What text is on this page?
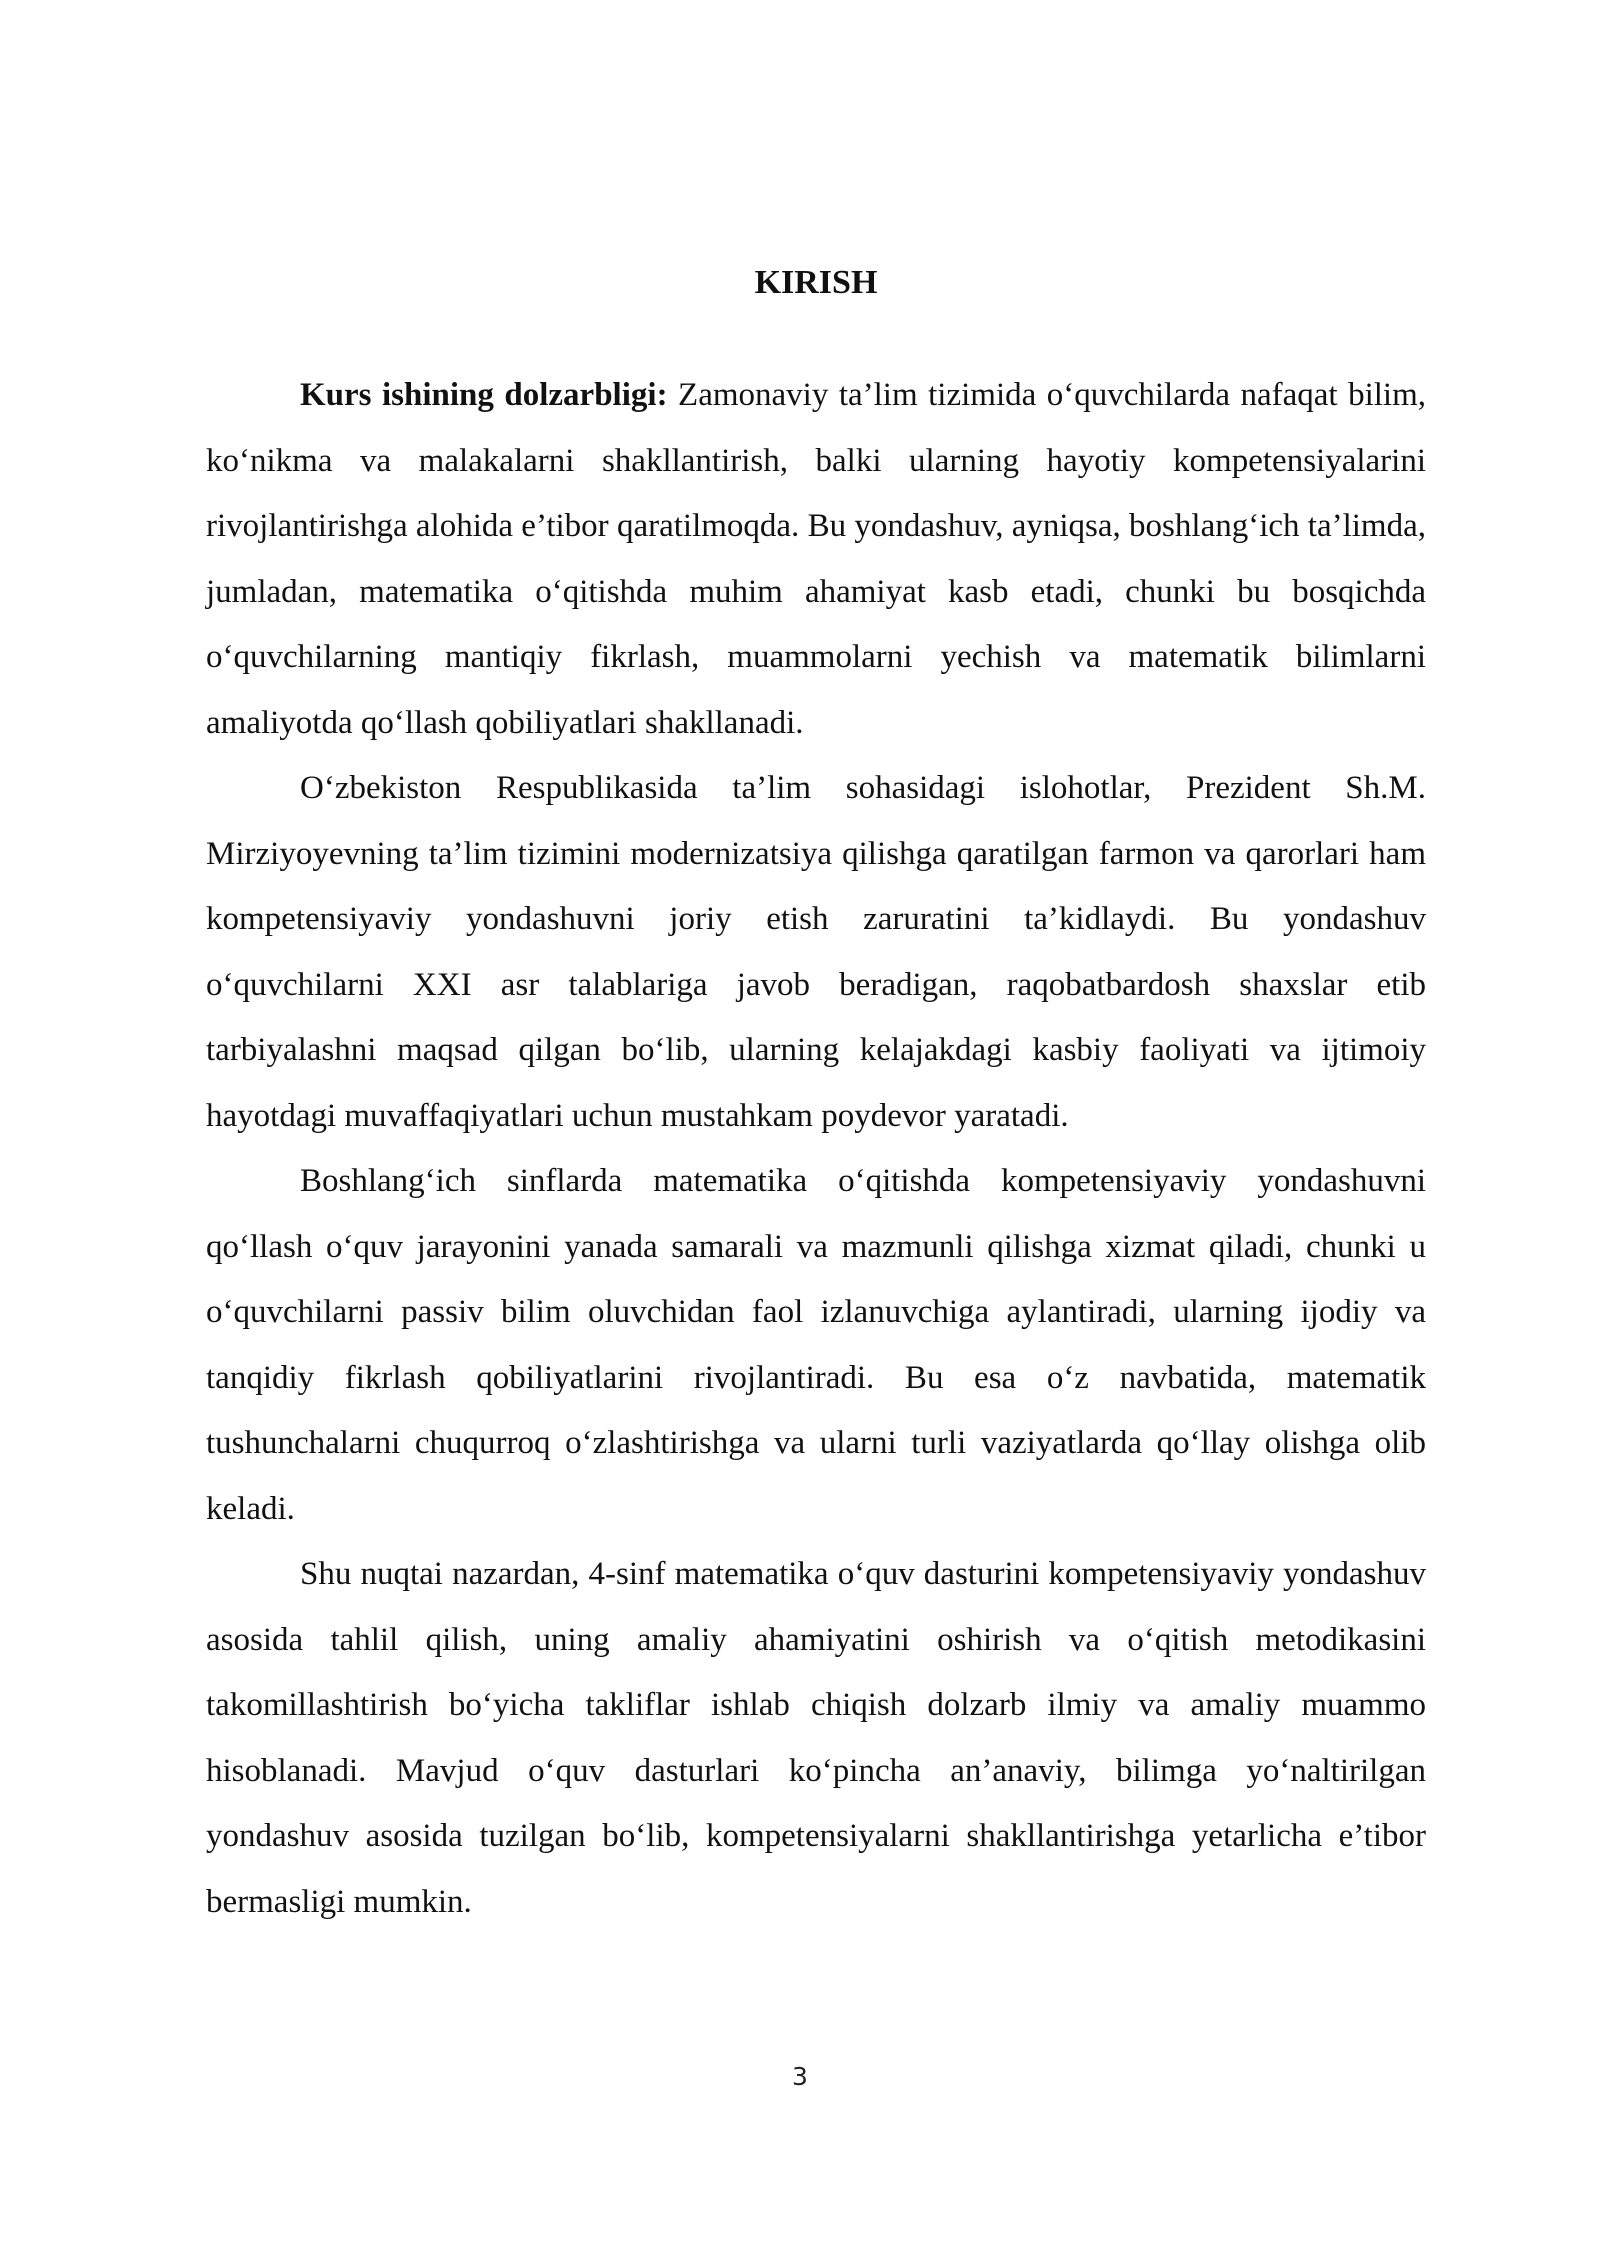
KIRISH

Kurs ishining dolzarbligi: Zamonaviy ta’lim tizimida o‘quvchilarda nafaqat bilim, ko‘nikma va malakalarni shakllantirish, balki ularning hayotiy kompetensiyalarini rivojlantirishga alohida e’tibor qaratilmoqda. Bu yondashuv, ayniqsa, boshlang‘ich ta’limda, jumladan, matematika o‘qitishda muhim ahamiyat kasb etadi, chunki bu bosqichda o‘quvchilarning mantiqiy fikrlash, muammolarni yechish va matematik bilimlarni amaliyotda qo‘llash qobiliyatlari shakllanadi.

O‘zbekiston Respublikasida ta’lim sohasidagi islohotlar, Prezident Sh.M. Mirziyoyevning ta’lim tizimini modernizatsiya qilishga qaratilgan farmon va qarorlari ham kompetensiyaviy yondashuvni joriy etish zaruratini ta’kidlaydi. Bu yondashuv o‘quvchilarni XXI asr talablariga javob beradigan, raqobatbardosh shaxslar etib tarbiyalashni maqsad qilgan bo‘lib, ularning kelajakdagi kasbiy faoliyati va ijtimoiy hayotdagi muvaffaqiyatlari uchun mustahkam poydevor yaratadi.

Boshlang‘ich sinflarda matematika o‘qitishda kompetensiyaviy yondashuvni qo‘llash o‘quv jarayonini yanada samarali va mazmunli qilishga xizmat qiladi, chunki u o‘quvchilarni passiv bilim oluvchidan faol izlanuvchiga aylantiradi, ularning ijodiy va tanqidiy fikrlash qobiliyatlarini rivojlantiradi. Bu esa o‘z navbatida, matematik tushunchalarni chuqurroq o‘zlashtirishga va ularni turli vaziyatlarda qo‘llay olishga olib keladi.

Shu nuqtai nazardan, 4-sinf matematika o‘quv dasturini kompetensiyaviy yondashuv asosida tahlil qilish, uning amaliy ahamiyatini oshirish va o‘qitish metodikasini takomillashtirish bo‘yicha takliflar ishlab chiqish dolzarb ilmiy va amaliy muammo hisoblanadi. Mavjud o‘quv dasturlari ko‘pincha an’anaviy, bilimga yo‘naltirilgan yondashuv asosida tuzilgan bo‘lib, kompetensiyalarni shakllantirishga yetarlicha e’tibor bermasligi mumkin.

3
